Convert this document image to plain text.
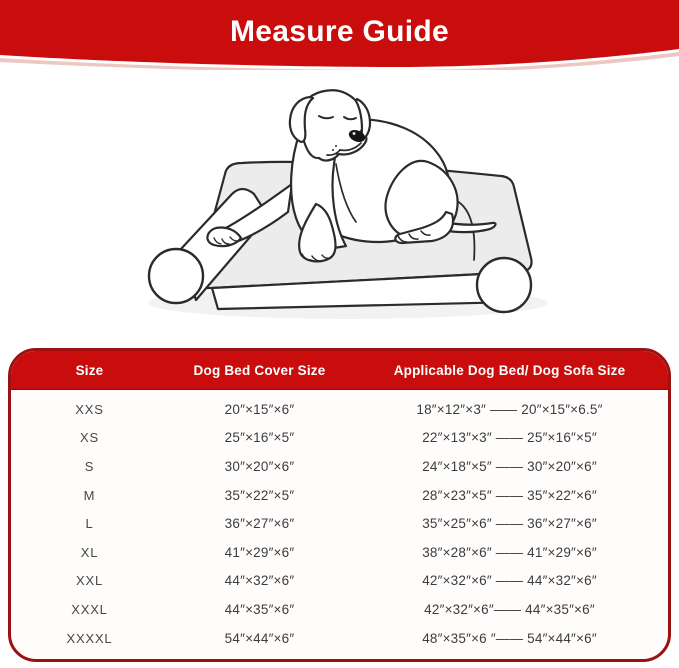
Measure Guide
Size	Dog Bed Cover Size	Applicable Dog Bed/ Dog Sofa Size
XXS	20″×15″×6″	18″×12″×3″ —— 20″×15″×6.5″
XS	25″×16″×5″	22″×13″×3″ —— 25″×16″×5″
S	30″×20″×6″	24″×18″×5″ —— 30″×20″×6″
M	35″×22″×5″	28″×23″×5″ —— 35″×22″×6″
L	36″×27″×6″	35″×25″×6″ —— 36″×27″×6″
XL	41″×29″×6″	38″×28″×6″ —— 41″×29″×6″
XXL	44″×32″×6″	42″×32″×6″ —— 44″×32″×6″
XXXL	44″×35″×6″	42″×32″×6″—— 44″×35″×6″
XXXXL	54″×44″×6″	48″×35″×6 ″—— 54″×44″×6″
